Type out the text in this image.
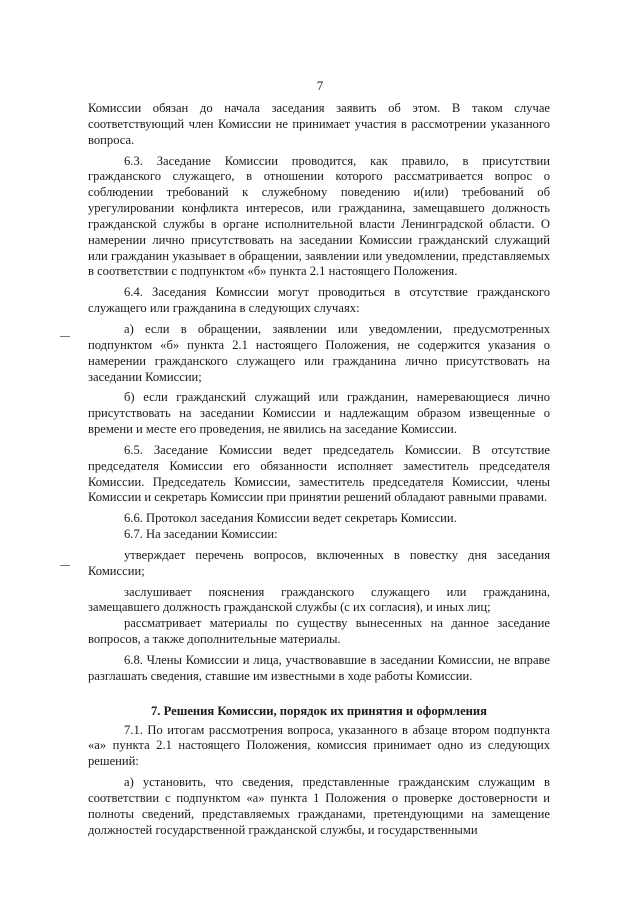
7

Комиссии обязан до начала заседания заявить об этом. В таком случае соответствующий член Комиссии не принимает участия в рассмотрении указанного вопроса.

6.3. Заседание Комиссии проводится, как правило, в присутствии гражданского служащего, в отношении которого рассматривается вопрос о соблюдении требований к служебному поведению и(или) требований об урегулировании конфликта интересов, или гражданина, замещавшего должность гражданской службы в органе исполнительной власти Ленинградской области. О намерении лично присутствовать на заседании Комиссии гражданский служащий или гражданин указывает в обращении, заявлении или уведомлении, представляемых в соответствии с подпунктом «б» пункта 2.1 настоящего Положения.

6.4. Заседания Комиссии могут проводиться в отсутствие гражданского служащего или гражданина в следующих случаях:

а) если в обращении, заявлении или уведомлении, предусмотренных подпунктом «б» пункта 2.1 настоящего Положения, не содержится указания о намерении гражданского служащего или гражданина лично присутствовать на заседании Комиссии;

б) если гражданский служащий или гражданин, намеревающиеся лично присутствовать на заседании Комиссии и надлежащим образом извещенные о времени и месте его проведения, не явились на заседание Комиссии.

6.5. Заседание Комиссии ведет председатель Комиссии. В отсутствие председателя Комиссии его обязанности исполняет заместитель председателя Комиссии. Председатель Комиссии, заместитель председателя Комиссии, члены Комиссии и секретарь Комиссии при принятии решений обладают равными правами.

6.6. Протокол заседания Комиссии ведет секретарь Комиссии.

6.7. На заседании Комиссии:

утверждает перечень вопросов, включенных в повестку дня заседания Комиссии;

заслушивает пояснения гражданского служащего или гражданина, замещавшего должность гражданской службы (с их согласия), и иных лиц;

рассматривает материалы по существу вынесенных на данное заседание вопросов, а также дополнительные материалы.

6.8. Члены Комиссии и лица, участвовавшие в заседании Комиссии, не вправе разглашать сведения, ставшие им известными в ходе работы Комиссии.

7. Решения Комиссии, порядок их принятия и оформления

7.1. По итогам рассмотрения вопроса, указанного в абзаце втором подпункта «а» пункта 2.1 настоящего Положения, комиссия принимает одно из следующих решений:

а) установить, что сведения, представленные гражданским служащим в соответствии с подпунктом «а» пункта 1 Положения о проверке достоверности и полноты сведений, представляемых гражданами, претендующими на замещение должностей государственной гражданской службы, и государственными
